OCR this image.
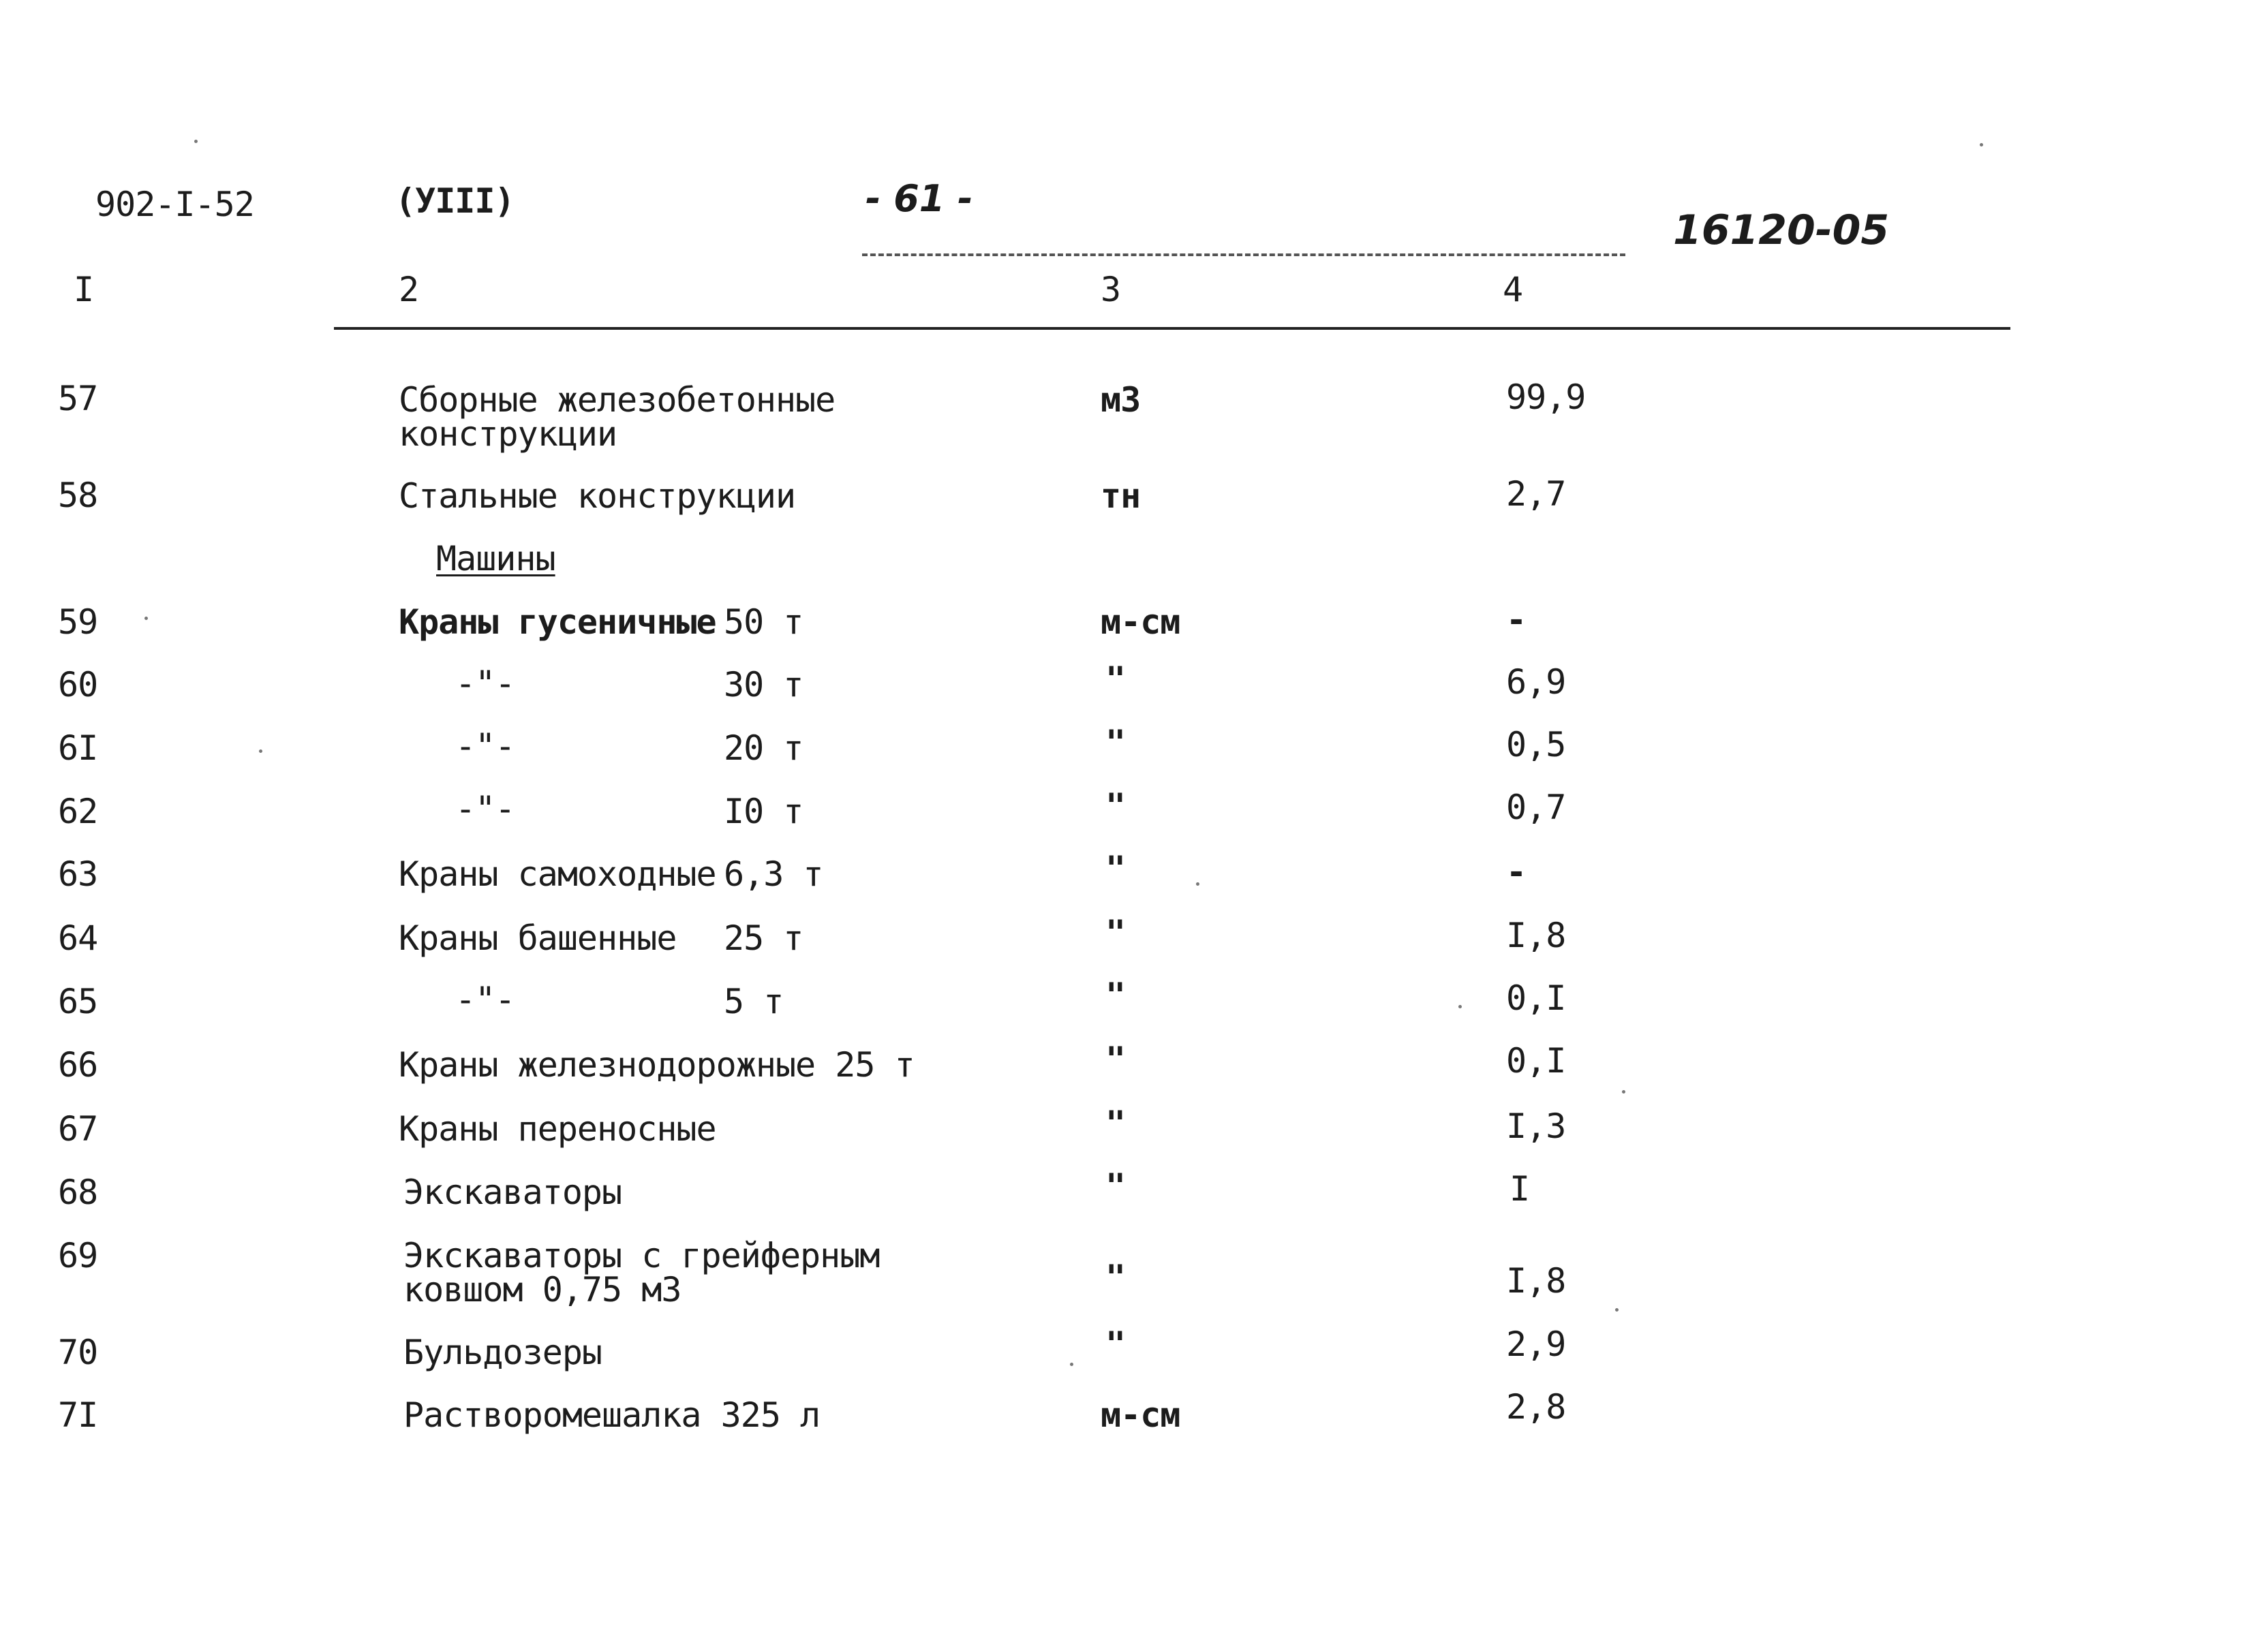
902-I-52	(УIII)	- 61 -
16120-05
I	2	3	4
57	Сборные железобетонные
конструкции
м3	99,9
58	Стальные конструкции	тн	2,7
Машины
59	Краны гусеничные 50 т	м-см	-
60	-"-	30 т	"	6,9
6I	-"-	20 т	"	0,5
62	-"-	I0 т	"	0,7
63	Краны самоходные 6,3 т	"	-
64	Краны башенные 25 т	"	I,8
65	-"-	5 т	"	0,I
66	Краны железнодорожные 25 т	"	0,I
67	Краны переносные	"	I,3
68	Экскаваторы	"	I
69	Экскаваторы с грейферным
ковшом 0,75 м3	"	I,8
70	Бульдозеры	"	2,9
7I	Растворомешалка 325 л	м-см	2,8
